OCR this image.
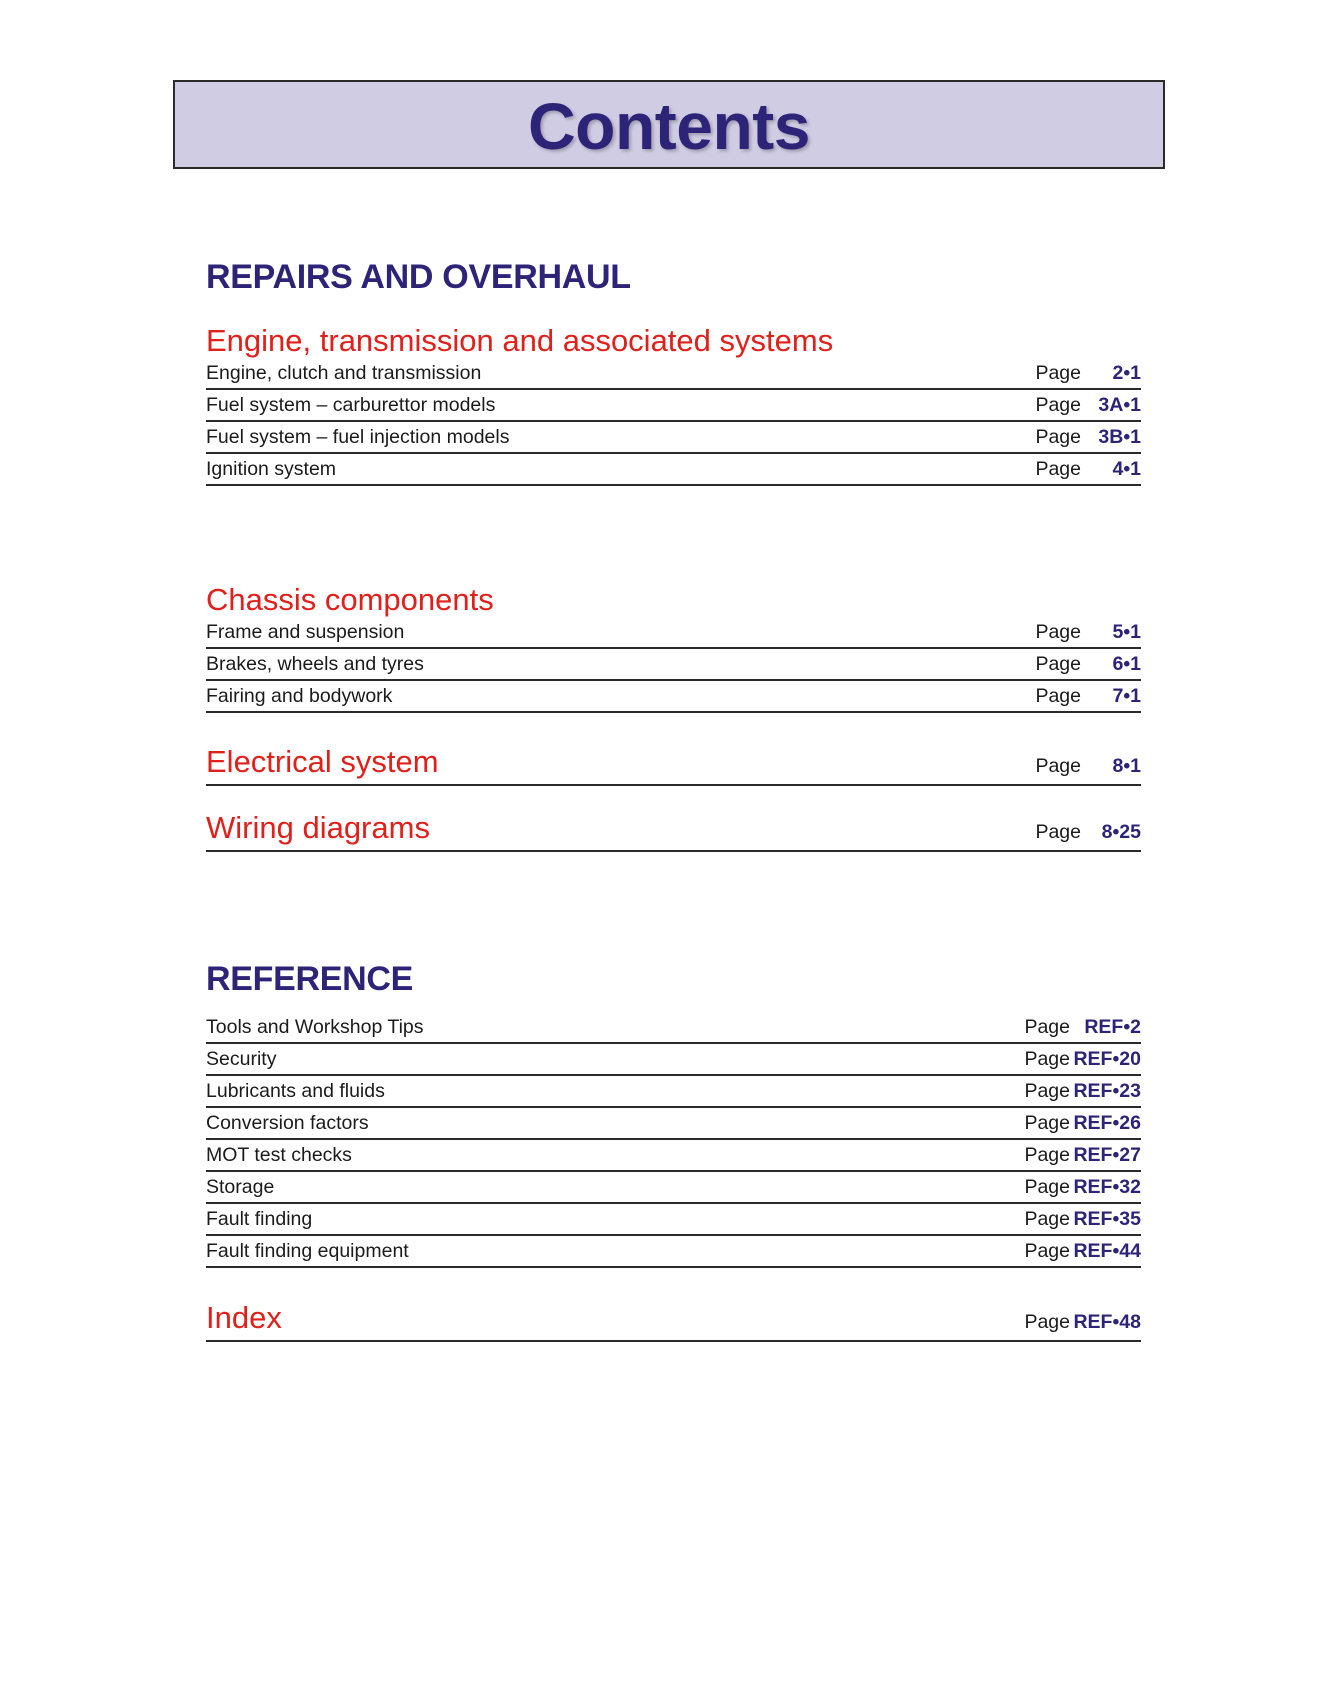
Contents
REPAIRS AND OVERHAUL
Engine, transmission and associated systems
Engine, clutch and transmission	Page 2•1
Fuel system – carburettor models	Page 3A•1
Fuel system – fuel injection models	Page 3B•1
Ignition system	Page 4•1
Chassis components
Frame and suspension	Page 5•1
Brakes, wheels and tyres	Page 6•1
Fairing and bodywork	Page 7•1
Electrical system	Page 8•1
Wiring diagrams	Page 8•25
REFERENCE
Tools and Workshop Tips	Page REF•2
Security	Page REF•20
Lubricants and fluids	Page REF•23
Conversion factors	Page REF•26
MOT test checks	Page REF•27
Storage	Page REF•32
Fault finding	Page REF•35
Fault finding equipment	Page REF•44
Index	Page REF•48
